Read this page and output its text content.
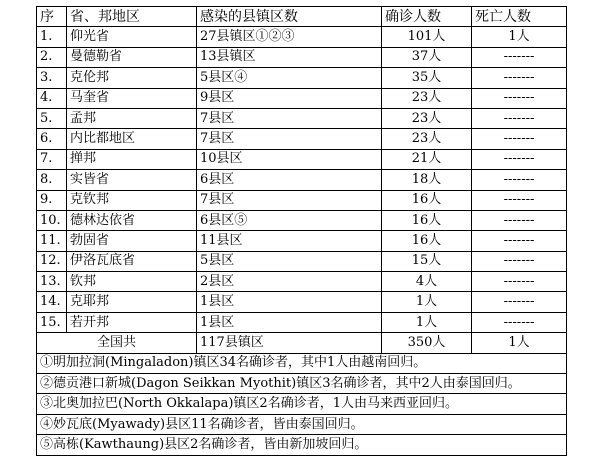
序	省、邦地区	感染的县镇区数	确诊人数	死亡人数
1.	仰光省	27县镇区①②③	101人	1人
2.	曼德勒省	13县镇区	37人	-------
3.	克伦邦	5县区④	35人	-------
4.	马奎省	9县区	23人	-------
5.	孟邦	7县区	23人	-------
6.	内比都地区	7县区	23人	-------
7.	掸邦	10县区	21人	-------
8.	实皆省	6县区	18人	-------
9.	克钦邦	7县区	16人	-------
10.	德林达依省	6县区⑤	16人	-------
11.	勃固省	11县区	16人	-------
12.	伊洛瓦底省	5县区	15人	-------
13.	钦邦	2县区	4人	-------
14.	克耶邦	1县区	1人	-------
15.	若开邦	1县区	1人	-------
全国共		117县镇区	350人	1人
①明加拉洞(Mingaladon)镇区34名确诊者，其中1人由越南回归。				
②德贡港口新城(Dagon Seikkan Myothit)镇区3名确诊者，其中2人由泰国回归。				
③北奥加拉巴(North Okkalapa)镇区2名确诊者，1人由马来西亚回归。				
④妙瓦底(Myawady)县区11名确诊者，皆由泰国回归。				
⑤高栋(Kawthaung)县区2名确诊者，皆由新加坡回归。				
